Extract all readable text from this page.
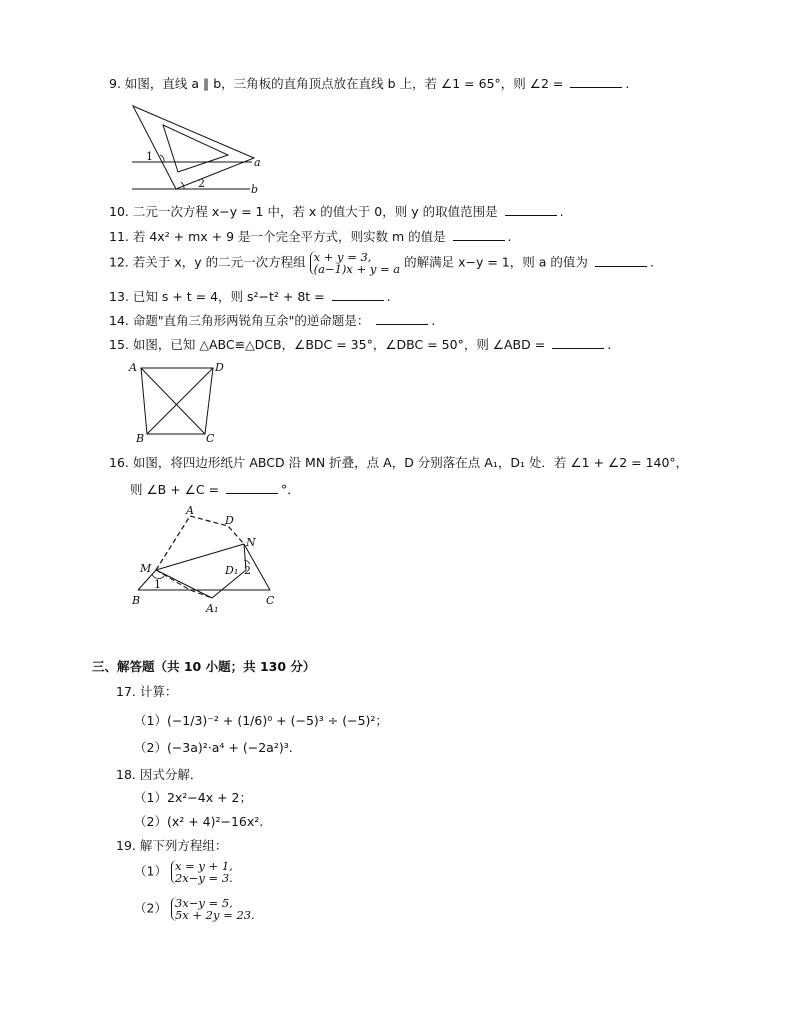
9. 如图，直线 a ∥ b，三角板的直角顶点放在直线 b 上，若 ∠1 = 65°，则 ∠2 =	.
1
2
a
b
10. 二元一次方程 x−y = 1 中，若 x 的值大于 0，则 y 的取值范围是	.
11. 若 4x² + mx + 9 是一个完全平方式，则实数 m 的值是	.
12. 若关于 x，y 的二元一次方程组 x + y = 3,
(a−1)x + y = a 的解满足 x−y = 1，则 a 的值为	.
13. 已知 s + t = 4，则 s²−t² + 8t =	.
14. 命题"直角三角形两锐角互余"的逆命题是：	.
15. 如图，已知 △ABC≌△DCB，∠BDC = 35°，∠DBC = 50°，则 ∠ABD =	.
A	D
B	C
16. 如图，将四边形纸片 ABCD 沿 MN 折叠，点 A，D 分别落在点 A₁，D₁ 处．若 ∠1 + ∠2 = 140°，
则 ∠B + ∠C =	°．
A
D
N
M	D₁
1
2
B
A₁
C
三、解答题（共 10 小题；共 130 分）
17. 计算：
（1）(−1/3)⁻² + (1/6)⁰ + (−5)³ ÷ (−5)²；
（2）(−3a)²·a⁴ + (−2a²)³.
18. 因式分解．
（1）2x²−4x + 2；
（2）(x² + 4)²−16x².
19. 解下列方程组：
（1） x = y + 1,
2x−y = 3.
（2） 3x−y = 5,
5x + 2y = 23.
